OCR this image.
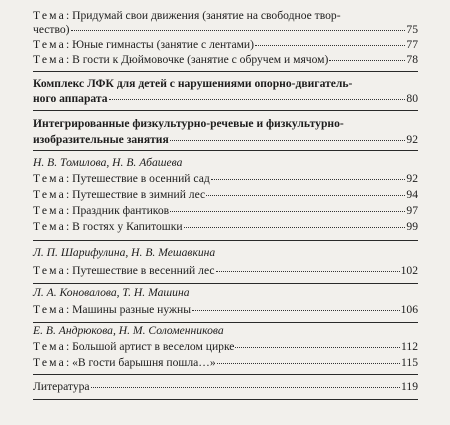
Тема: Придумай свои движения (занятие на свободное твор-
чество)	75
Тема: Юные гимнасты (занятие с лентами)	77
Тема: В гости к Дюймовочке (занятие с обручем и мячом)	78
Комплекс ЛФК для детей с нарушениями опорно-двигатель-
ного аппарата	80
Интегрированные физкультурно-речевые и физкультурно-
изобразительные занятия	92
Н. В. Томилова, Н. В. Абашева
Тема: Путешествие в осенний сад	92
Тема: Путешествие в зимний лес	94
Тема: Праздник фантиков	97
Тема: В гостях у Капитошки	99
Л. П. Шарифулина, Н. В. Мешавкина
Тема: Путешествие в весенний лес	102
Л. А. Коновалова, Т. Н. Машина
Тема: Машины разные нужны	106
Е. В. Андрюкова, Н. М. Соломенникова
Тема: Большой артист в веселом цирке	112
Тема: «В гости барышня пошла…»	115
Литература	119
